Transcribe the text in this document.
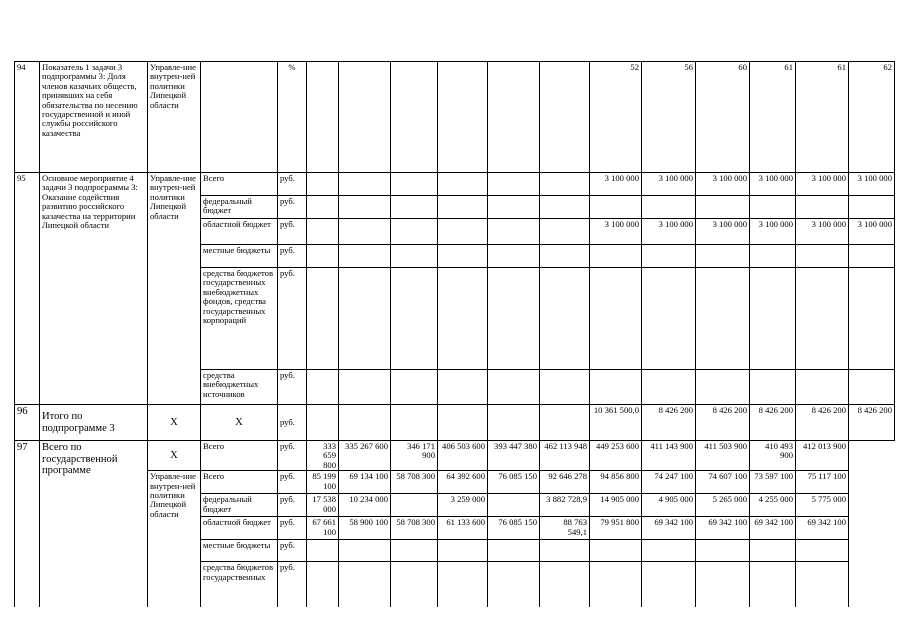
94	Показатель 1 задачи 3 подпрограммы 3: Доля членов казачьих обществ, принявших на себя обязательства по несению государственной и иной службы российского казачества	Управле-ние внутрен-ней политики Липецкой области		%							52	56	60	61	61	62
95	Основное мероприятие 4 задачи 3 подпрограммы 3: Оказание содействия развитию российского казачества на территории Липецкой области	Управле-ние внутрен-ней политики Липецкой области	Всего	руб.							3 100 000	3 100 000	3 100 000	3 100 000	3 100 000	3 100 000
			федеральный бюджет	руб.												
			областной бюджет	руб.							3 100 000	3 100 000	3 100 000	3 100 000	3 100 000	3 100 000
			местные бюджеты	руб.												
			средства бюджетов государственных внебюджетных фондов, средства государственных корпораций	руб.												
			средства внебюджетных источников	руб.												
96	Итого по подпрограмме 3	Х	Х	руб.							10 361 500,0	8 426 200	8 426 200	8 426 200	8 426 200	8 426 200
97	Всего по государственной программе	Х	Всего	руб.	333 659 800	335 267 600	346 171 900	406 503 600	393 447 380	462 113 948	449 253 600	411 143 900	411 503 900	410 493 900	412 013 900	
		Управле-ние внутрен-ней политики Липецкой области	Всего	руб.	85 199 100	69 134 100	58 708 300	64 392 600	76 085 150	92 646 278	94 856 800	74 247 100	74 607 100	73 597 100	75 117 100	
			федеральный бюджет	руб.	17 538 000	10 234 000		3 259 000		3 882 728,9	14 905 000	4 905 000	5 265 000	4 255 000	5 775 000	
			областной бюджет	руб.	67 661 100	58 900 100	58 708 300	61 133 600	76 085 150	88 763 549,1	79 951 800	69 342 100	69 342 100	69 342 100	69 342 100	
			местные бюджеты	руб.												
			средства бюджетов государственных	руб.												
